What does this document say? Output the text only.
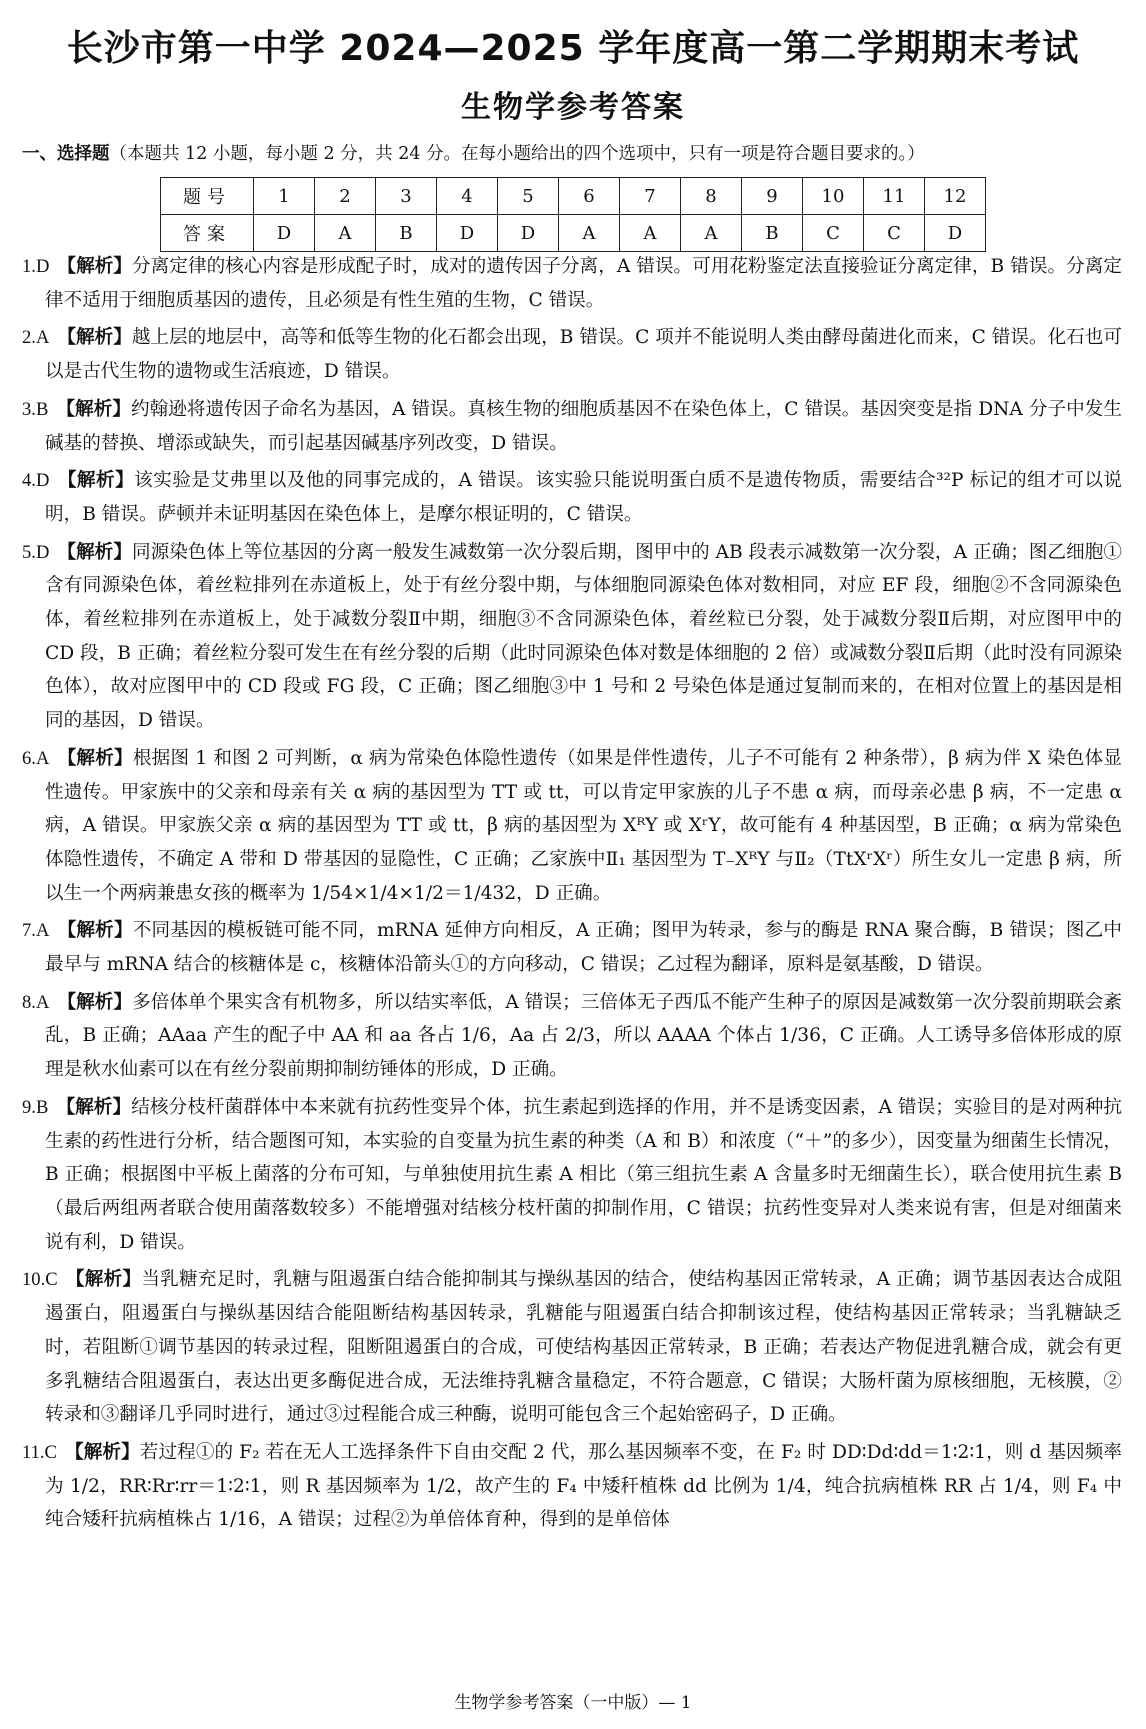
长沙市第一中学 2024—2025 学年度高一第二学期期末考试
生物学参考答案
一、选择题（本题共 12 小题，每小题 2 分，共 24 分。在每小题给出的四个选项中，只有一项是符合题目要求的。）
题号	1	2	3	4	5	6	7	8	9	10	11	12
答案	D	A	B	D	D	A	A	A	B	C	C	D

1.D 【解析】分离定律的核心内容是形成配子时，成对的遗传因子分离，A 错误。可用花粉鉴定法直接验证分离定律，B 错误。分离定律不适用于细胞质基因的遗传，且必须是有性生殖的生物，C 错误。

2.A 【解析】越上层的地层中，高等和低等生物的化石都会出现，B 错误。C 项并不能说明人类由酵母菌进化而来，C 错误。化石也可以是古代生物的遗物或生活痕迹，D 错误。

3.B 【解析】约翰逊将遗传因子命名为基因，A 错误。真核生物的细胞质基因不在染色体上，C 错误。基因突变是指 DNA 分子中发生碱基的替换、增添或缺失，而引起基因碱基序列改变，D 错误。

4.D 【解析】该实验是艾弗里以及他的同事完成的，A 错误。该实验只能说明蛋白质不是遗传物质，需要结合³²P 标记的组才可以说明，B 错误。萨顿并未证明基因在染色体上，是摩尔根证明的，C 错误。

5.D 【解析】同源染色体上等位基因的分离一般发生减数第一次分裂后期，图甲中的 AB 段表示减数第一次分裂，A 正确；图乙细胞①含有同源染色体，着丝粒排列在赤道板上，处于有丝分裂中期，与体细胞同源染色体对数相同，对应 EF 段，细胞②不含同源染色体，着丝粒排列在赤道板上，处于减数分裂Ⅱ中期，细胞③不含同源染色体，着丝粒已分裂，处于减数分裂Ⅱ后期，对应图甲中的 CD 段，B 正确；着丝粒分裂可发生在有丝分裂的后期（此时同源染色体对数是体细胞的 2 倍）或减数分裂Ⅱ后期（此时没有同源染色体），故对应图甲中的 CD 段或 FG 段，C 正确；图乙细胞③中 1 号和 2 号染色体是通过复制而来的，在相对位置上的基因是相同的基因，D 错误。

6.A 【解析】根据图 1 和图 2 可判断，α 病为常染色体隐性遗传（如果是伴性遗传，儿子不可能有 2 种条带），β 病为伴 X 染色体显性遗传。甲家族中的父亲和母亲有关 α 病的基因型为 TT 或 tt，可以肯定甲家族的儿子不患 α 病，而母亲必患 β 病，不一定患 α 病，A 错误。甲家族父亲 α 病的基因型为 TT 或 tt，β 病的基因型为 XᴿY 或 XʳY，故可能有 4 种基因型，B 正确；α 病为常染色体隐性遗传，不确定 A 带和 D 带基因的显隐性，C 正确；乙家族中Ⅱ₁ 基因型为 T₋XᴿY 与Ⅱ₂（TtXʳXʳ）所生女儿一定患 β 病，所以生一个两病兼患女孩的概率为 1/54×1/4×1/2＝1/432，D 正确。

7.A 【解析】不同基因的模板链可能不同，mRNA 延伸方向相反，A 正确；图甲为转录，参与的酶是 RNA 聚合酶，B 错误；图乙中最早与 mRNA 结合的核糖体是 c，核糖体沿箭头①的方向移动，C 错误；乙过程为翻译，原料是氨基酸，D 错误。

8.A 【解析】多倍体单个果实含有机物多，所以结实率低，A 错误；三倍体无子西瓜不能产生种子的原因是减数第一次分裂前期联会紊乱，B 正确；AAaa 产生的配子中 AA 和 aa 各占 1/6，Aa 占 2/3，所以 AAAA 个体占 1/36，C 正确。人工诱导多倍体形成的原理是秋水仙素可以在有丝分裂前期抑制纺锤体的形成，D 正确。

9.B 【解析】结核分枝杆菌群体中本来就有抗药性变异个体，抗生素起到选择的作用，并不是诱变因素，A 错误；实验目的是对两种抗生素的药性进行分析，结合题图可知，本实验的自变量为抗生素的种类（A 和 B）和浓度（“＋”的多少），因变量为细菌生长情况，B 正确；根据图中平板上菌落的分布可知，与单独使用抗生素 A 相比（第三组抗生素 A 含量多时无细菌生长），联合使用抗生素 B（最后两组两者联合使用菌落数较多）不能增强对结核分枝杆菌的抑制作用，C 错误；抗药性变异对人类来说有害，但是对细菌来说有利，D 错误。

10.C 【解析】当乳糖充足时，乳糖与阻遏蛋白结合能抑制其与操纵基因的结合，使结构基因正常转录，A 正确；调节基因表达合成阻遏蛋白，阻遏蛋白与操纵基因结合能阻断结构基因转录，乳糖能与阻遏蛋白结合抑制该过程，使结构基因正常转录；当乳糖缺乏时，若阻断①调节基因的转录过程，阻断阻遏蛋白的合成，可使结构基因正常转录，B 正确；若表达产物促进乳糖合成，就会有更多乳糖结合阻遏蛋白，表达出更多酶促进合成，无法维持乳糖含量稳定，不符合题意，C 错误；大肠杆菌为原核细胞，无核膜，②转录和③翻译几乎同时进行，通过③过程能合成三种酶，说明可能包含三个起始密码子，D 正确。

11.C 【解析】若过程①的 F₂ 若在无人工选择条件下自由交配 2 代，那么基因频率不变，在 F₂ 时 DD∶Dd∶dd＝1∶2∶1，则 d 基因频率为 1/2，RR∶Rr∶rr＝1∶2∶1，则 R 基因频率为 1/2，故产生的 F₄ 中矮秆植株 dd 比例为 1/4，纯合抗病植株 RR 占 1/4，则 F₄ 中纯合矮秆抗病植株占 1/16，A 错误；过程②为单倍体育种，得到的是单倍体

生物学参考答案（一中版）— 1
